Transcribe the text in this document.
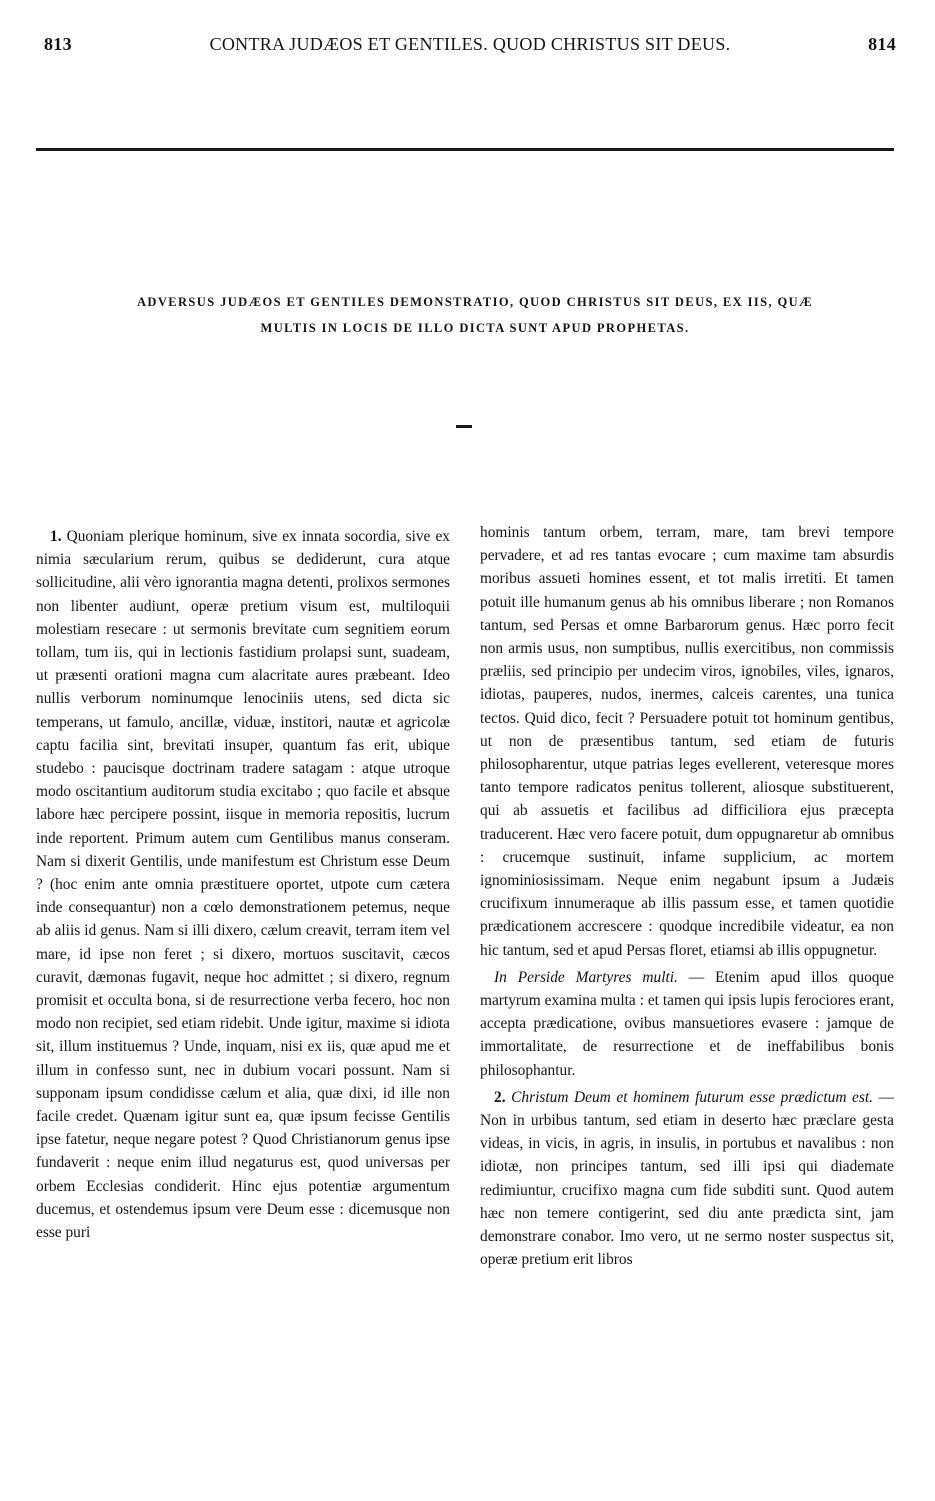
813	CONTRA JUDÆOS ET GENTILES. QUOD CHRISTUS SIT DEUS.	814
ADVERSUS JUDÆOS ET GENTILES DEMONSTRATIO, QUOD CHRISTUS SIT DEUS, EX IIS, QUÆ
MULTIS IN LOCIS DE ILLO DICTA SUNT APUD PROPHETAS.

1. Quoniam plerique hominum, sive ex innata socordia, sive ex nimia sæcularium rerum, quibus se dediderunt, cura atque sollicitudine, alii vèro ignorantia magna detenti, prolixos sermones non libenter audiunt, operæ pretium visum est, multiloquii molestiam resecare : ut sermonis brevitate cum segnitiem eorum tollam, tum iis, qui in lectionis fastidium prolapsi sunt, suadeam, ut præsenti orationi magna cum alacritate aures præbeant. Ideo nullis verborum nominumque lenociniis utens, sed dicta sic temperans, ut famulo, ancillæ, viduæ, institori, nautæ et agricolæ captu facilia sint, brevitati insuper, quantum fas erit, ubique studebo : paucisque doctrinam tradere satagam : atque utroque modo oscitantium auditorum studia excitabo ; quo facile et absque labore hæc percipere possint, iisque in memoria repositis, lucrum inde reportent. Primum autem cum Gentilibus manus conseram. Nam si dixerit Gentilis, unde manifestum est Christum esse Deum ? (hoc enim ante omnia præstituere oportet, utpote cum cætera inde consequantur) non a cœlo demonstrationem petemus, neque ab aliis id genus. Nam si illi dixero, cælum creavit, terram item vel mare, id ipse non feret ; si dixero, mortuos suscitavit, cæcos curavit, dæmonas fugavit, neque hoc admittet ; si dixero, regnum promisit et occulta bona, si de resurrectione verba fecero, hoc non modo non recipiet, sed etiam ridebit. Unde igitur, maxime si idiota sit, illum instituemus ? Unde, inquam, nisi ex iis, quæ apud me et illum in confesso sunt, nec in dubium vocari possunt. Nam si supponam ipsum condidisse cælum et alia, quæ dixi, id ille non facile credet. Quænam igitur sunt ea, quæ ipsum fecisse Gentilis ipse fatetur, neque negare potest ? Quod Christianorum genus ipse fundaverit : neque enim illud negaturus est, quod universas per orbem Ecclesias condiderit. Hinc ejus potentiæ argumentum ducemus, et ostendemus ipsum vere Deum esse : dicemusque non esse puri

hominis tantum orbem, terram, mare, tam brevi tempore pervadere, et ad res tantas evocare ; cum maxime tam absurdis moribus assueti homines essent, et tot malis irretiti. Et tamen potuit ille humanum genus ab his omnibus liberare ; non Romanos tantum, sed Persas et omne Barbarorum genus. Hæc porro fecit non armis usus, non sumptibus, nullis exercitibus, non commissis præliis, sed principio per undecim viros, ignobiles, viles, ignaros, idiotas, pauperes, nudos, inermes, calceis carentes, una tunica tectos. Quid dico, fecit ? Persuadere potuit tot hominum gentibus, ut non de præsentibus tantum, sed etiam de futuris philosopharentur, utque patrias leges evellerent, veteresque mores tanto tempore radicatos penitus tollerent, aliosque substituerent, qui ab assuetis et facilibus ad difficiliora ejus præcepta traducerent. Hæc vero facere potuit, dum oppugnaretur ab omnibus : crucemque sustinuit, infame supplicium, ac mortem ignominiosissimam. Neque enim negabunt ipsum a Judæis crucifixum innumeraque ab illis passum esse, et tamen quotidie prædicationem accrescere : quodque incredibile videatur, ea non hic tantum, sed et apud Persas floret, etiamsi ab illis oppugnetur.

In Perside Martyres multi. — Etenim apud illos quoque martyrum examina multa : et tamen qui ipsis lupis ferociores erant, accepta prædicatione, ovibus mansuetiores evasere : jamque de immortalitate, de resurrectione et de ineffabilibus bonis philosophantur.

2. Christum Deum et hominem futurum esse prædictum est. — Non in urbibus tantum, sed etiam in deserto hæc præclare gesta videas, in vicis, in agris, in insulis, in portubus et navalibus : non idiotæ, non principes tantum, sed illi ipsi qui diademate redimiuntur, crucifixo magna cum fide subditi sunt. Quod autem hæc non temere contigerint, sed diu ante prædicta sint, jam demonstrare conabor. Imo vero, ut ne sermo noster suspectus sit, operæ pretium erit libros
